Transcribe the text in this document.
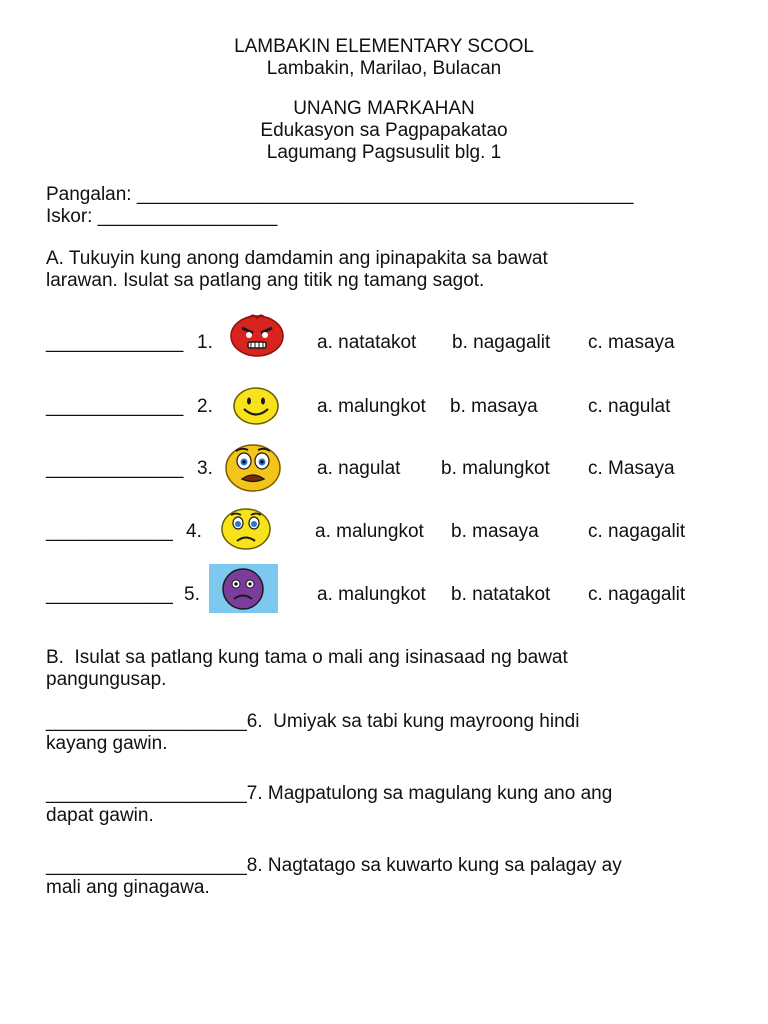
LAMBAKIN ELEMENTARY SCOOL
Lambakin, Marilao, Bulacan
UNANG MARKAHAN
Edukasyon sa Pagpapakatao
Lagumang Pagsusulit blg. 1
Pangalan: _______________________________________________
Iskor: _________________
A. Tukuyin kung anong damdamin ang ipinapakita sa bawat
larawan. Isulat sa patlang ang titik ng tamang sagot.
_____________ 1.	a. natatakot b. nagagalit c. masaya
_____________ 2.	a. malungkot b. masaya	c. nagulat
_____________ 3.	a. nagulat b. malungkot c. Masaya
____________ 4.	a. malungkot b. masaya	c. nagagalit
____________ 5.	a. malungkot b. natatakot c. nagagalit
B.  Isulat sa patlang kung tama o mali ang isinasaad ng bawat
pangungusap.
___________________6.  Umiyak sa tabi kung mayroong hindi
kayang gawin.
___________________7. Magpatulong sa magulang kung ano ang
dapat gawin.
___________________8. Nagtatago sa kuwarto kung sa palagay ay
mali ang ginagawa.
